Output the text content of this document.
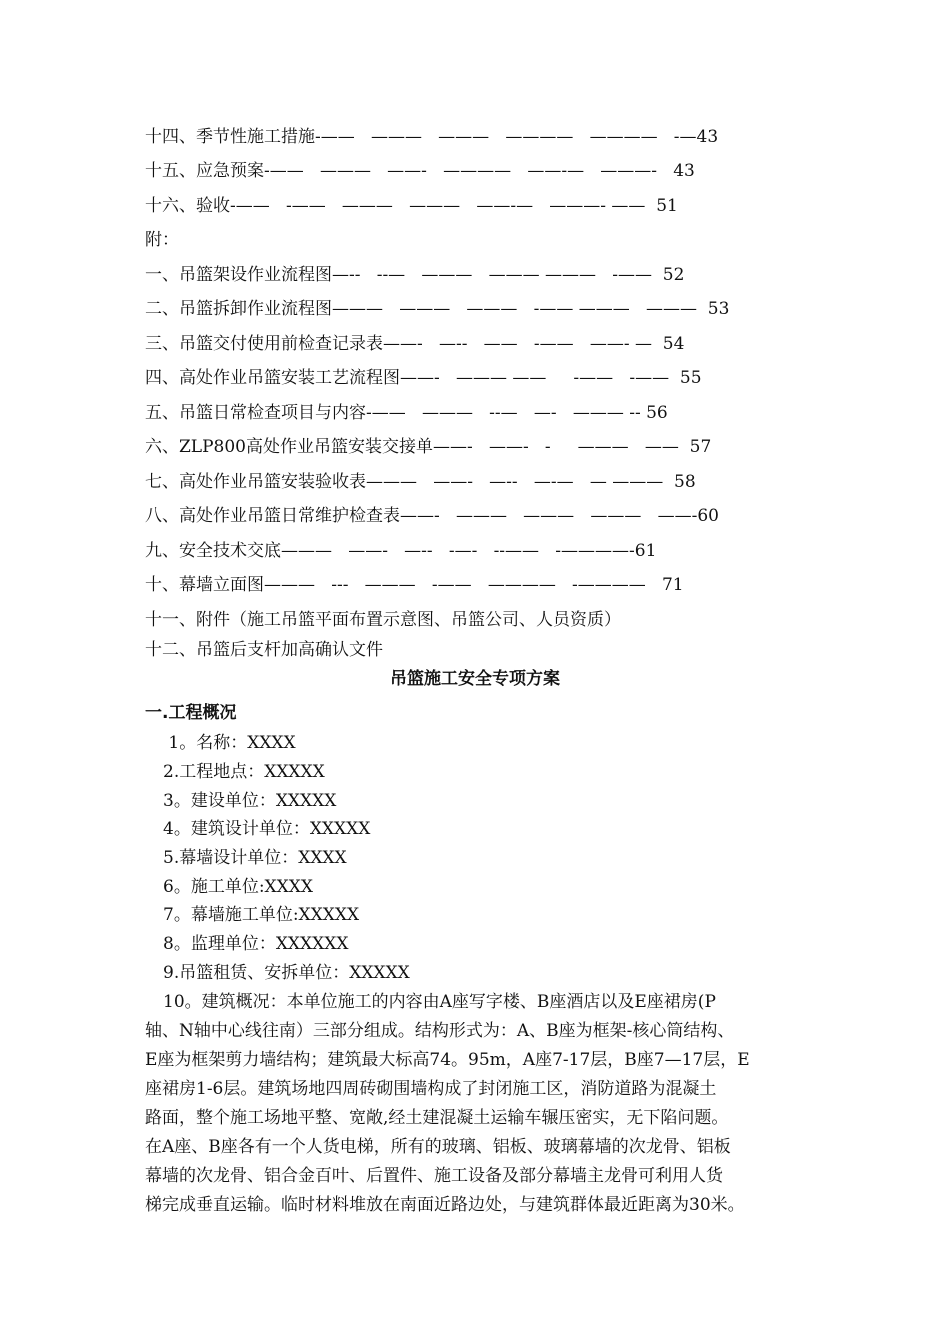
十四、季节性施工措施-——   ———   ———   ————   ————   -—43
十五、应急预案-——   ———   ——-   ————   ——-—   ———-   43
十六、验收-——   -——   ———   ———   ——-—   ———- ——  51
附：
一、吊篮架设作业流程图—--   --—   ———   ——— ———   -——  52
二、吊篮拆卸作业流程图———   ———   ———   -—— ———   ———  53
三、吊篮交付使用前检查记录表——-   —--   ——   -——   ——- —  54
四、高处作业吊篮安装工艺流程图——-   ——— ——     -——   -——  55
五、吊篮日常检查项目与内容-——   ———   --—   —-   ——— -- 56
六、ZLP800高处作业吊篮安装交接单——-   ——-   -     ———   ——  57
七、高处作业吊篮安装验收表———   ——-   —--   —-—   — ———  58
八、高处作业吊篮日常维护检查表——-   ———   ———   ———   ——-60
九、安全技术交底———   ——-   —--   -—-   --——   -————-61
十、幕墙立面图———   ---   ———   -——   ————   -————   71
十一、附件（施工吊篮平面布置示意图、吊篮公司、人员资质）
十二、吊篮后支杆加高确认文件
吊篮施工安全专项方案
一.工程概况
1。名称：XXXX
2.工程地点：XXXXX
3。建设单位：XXXXX
4。建筑设计单位：XXXXX
5.幕墙设计单位：XXXX
6。施工单位:XXXX
7。幕墙施工单位:XXXXX
8。监理单位：XXXXXX
9.吊篮租赁、安拆单位：XXXXX
10。建筑概况：本单位施工的内容由A座写字楼、B座酒店以及E座裙房(P
轴、N轴中心线往南）三部分组成。结构形式为：A、B座为框架-核心筒结构、
E座为框架剪力墙结构；建筑最大标高74。95m，A座7-17层，B座7—17层，E
座裙房1-6层。建筑场地四周砖砌围墙构成了封闭施工区，消防道路为混凝土
路面，整个施工场地平整、宽敞,经土建混凝土运输车辗压密实，无下陷问题。
在A座、B座各有一个人货电梯，所有的玻璃、铝板、玻璃幕墙的次龙骨、铝板
幕墙的次龙骨、铝合金百叶、后置件、施工设备及部分幕墙主龙骨可利用人货
梯完成垂直运输。临时材料堆放在南面近路边处，与建筑群体最近距离为30米。
